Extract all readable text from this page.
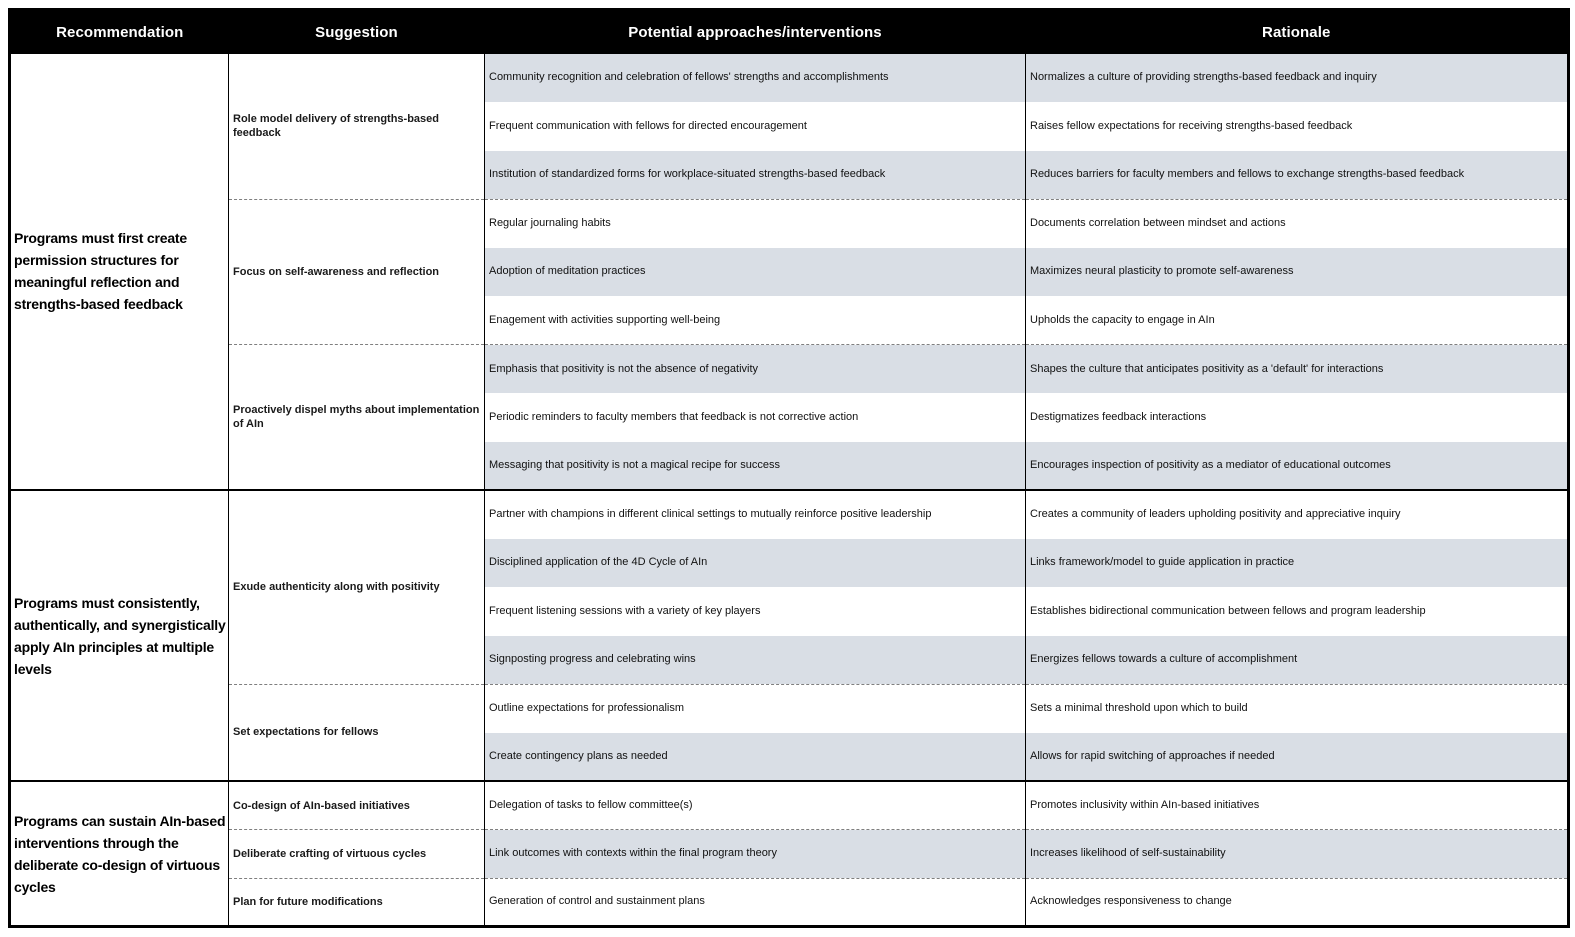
Recommendation	Suggestion	Potential approaches/interventions	Rationale
Programs must first create permission structures for meaningful reflection and strengths-based feedback	Role model delivery of strengths-based feedback	Community recognition and celebration of fellows' strengths and accomplishments	Normalizes a culture of providing strengths-based feedback and inquiry
		Frequent communication with fellows for directed encouragement	Raises fellow expectations for receiving strengths-based feedback
		Institution of standardized forms for workplace-situated strengths-based feedback	Reduces barriers for faculty members and fellows to exchange strengths-based feedback
	Focus on self-awareness and reflection	Regular journaling habits	Documents correlation between mindset and actions
		Adoption of meditation practices	Maximizes neural plasticity to promote self-awareness
		Enagement with activities supporting well-being	Upholds the capacity to engage in AIn
	Proactively dispel myths about implementation of AIn	Emphasis that positivity is not the absence of negativity	Shapes the culture that anticipates positivity as a 'default' for interactions
		Periodic reminders to faculty members that feedback is not corrective action	Destigmatizes feedback interactions
		Messaging that positivity is not a magical recipe for success	Encourages inspection of positivity as a mediator of educational outcomes
Programs must consistently, authentically, and synergistically apply AIn principles at multiple levels	Exude authenticity along with positivity	Partner with champions in different clinical settings to mutually reinforce positive leadership	Creates a community of leaders upholding positivity and appreciative inquiry
		Disciplined application of the 4D Cycle of AIn	Links framework/model to guide application in practice
		Frequent listening sessions with a variety of key players	Establishes bidirectional communication between fellows and program leadership
		Signposting progress and celebrating wins	Energizes fellows towards a culture of accomplishment
	Set expectations for fellows	Outline expectations for professionalism	Sets a minimal threshold upon which to build
		Create contingency plans as needed	Allows for rapid switching of approaches if needed
Programs can sustain AIn-based interventions through the deliberate co-design of virtuous cycles	Co-design of AIn-based initiatives	Delegation of tasks to fellow committee(s)	Promotes inclusivity within AIn-based initiatives
	Deliberate crafting of virtuous cycles	Link outcomes with contexts within the final program theory	Increases likelihood of self-sustainability
	Plan for future modifications	Generation of control and sustainment plans	Acknowledges responsiveness to change
